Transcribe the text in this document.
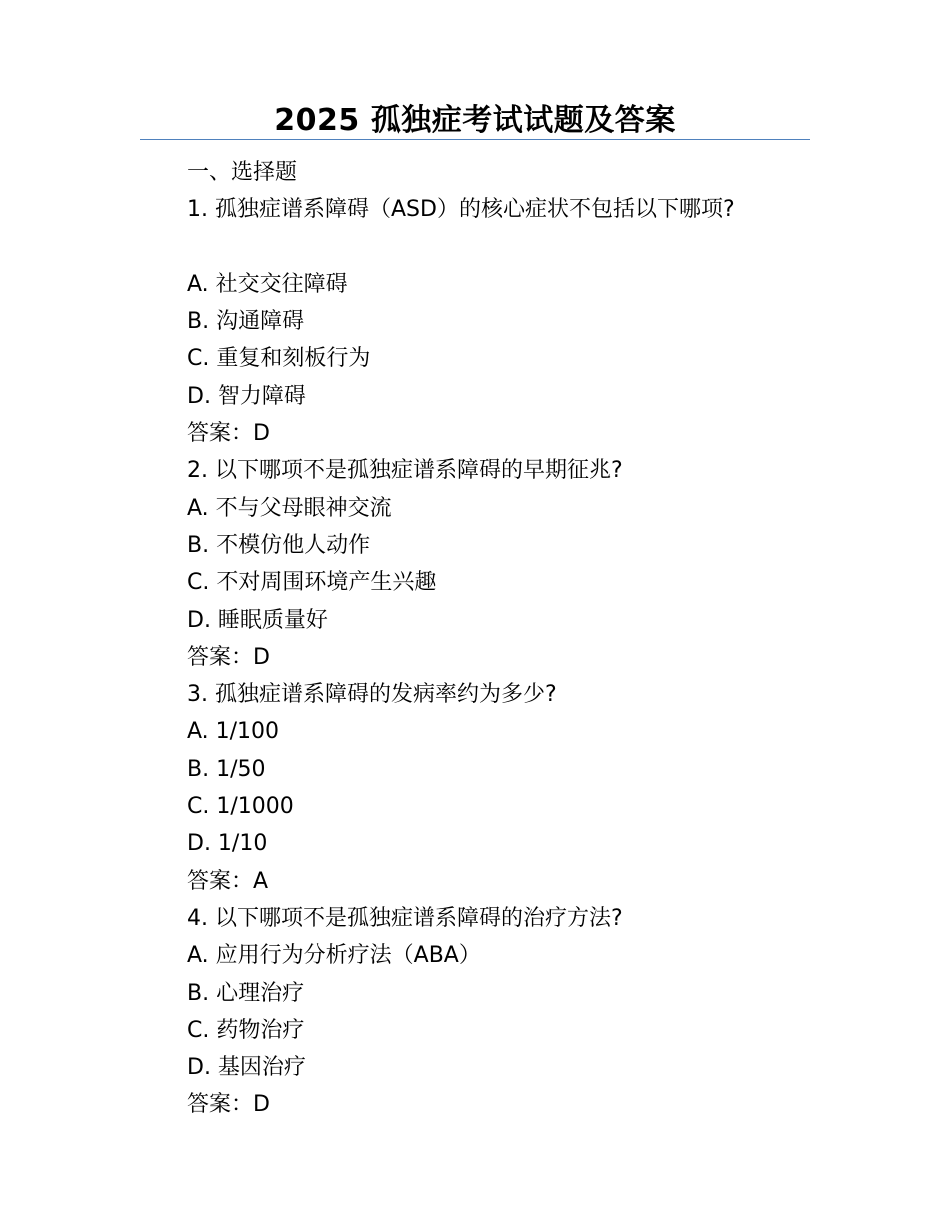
2025 孤独症考试试题及答案

一、选择题

1. 孤独症谱系障碍（ASD）的核心症状不包括以下哪项?

A. 社交交往障碍

B. 沟通障碍

C. 重复和刻板行为

D. 智力障碍

答案：D

2. 以下哪项不是孤独症谱系障碍的早期征兆?

A. 不与父母眼神交流

B. 不模仿他人动作

C. 不对周围环境产生兴趣

D. 睡眠质量好

答案：D

3. 孤独症谱系障碍的发病率约为多少?

A. 1/100

B. 1/50

C. 1/1000

D. 1/10

答案：A

4. 以下哪项不是孤独症谱系障碍的治疗方法?

A. 应用行为分析疗法（ABA）

B. 心理治疗

C. 药物治疗

D. 基因治疗

答案：D
